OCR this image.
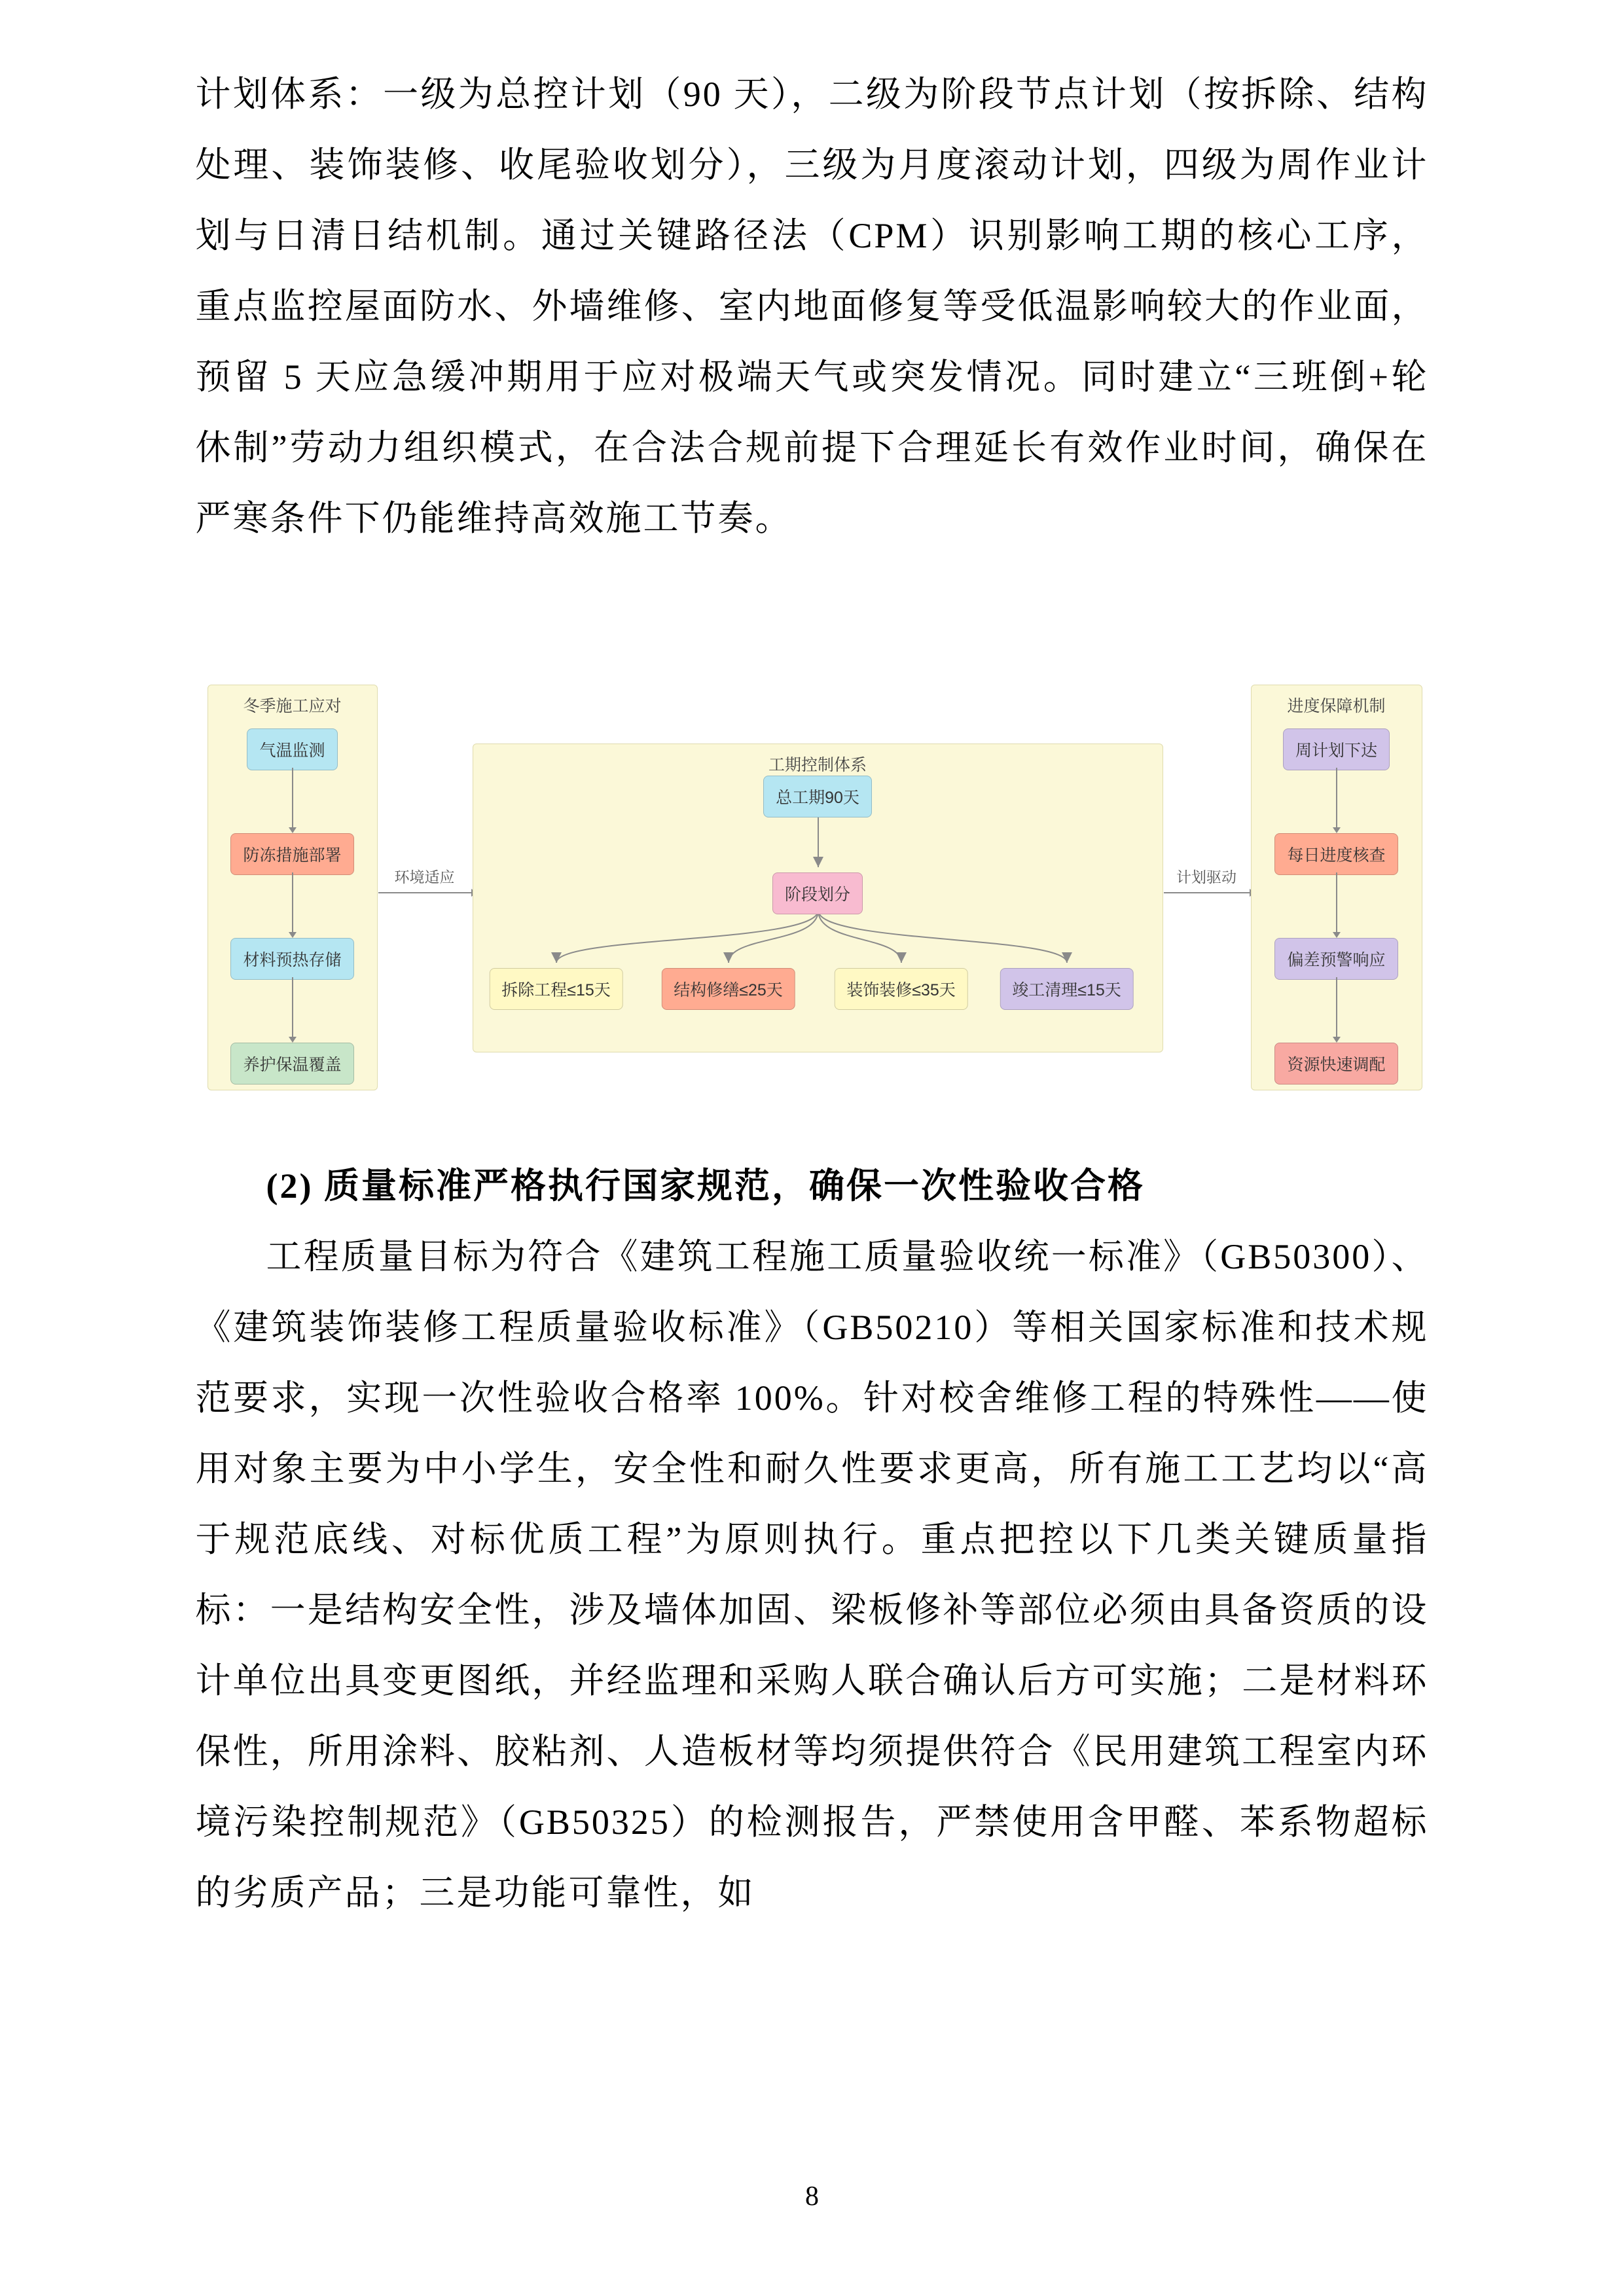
计划体系：一级为总控计划（90 天），二级为阶段节点计划（按拆除、结构处理、装饰装修、收尾验收划分），三级为月度滚动计划，四级为周作业计划与日清日结机制。通过关键路径法（CPM）识别影响工期的核心工序，重点监控屋面防水、外墙维修、室内地面修复等受低温影响较大的作业面，预留 5 天应急缓冲期用于应对极端天气或突发情况。同时建立“三班倒+轮休制”劳动力组织模式，在合法合规前提下合理延长有效作业时间，确保在严寒条件下仍能维持高效施工节奏。

冬季施工应对
气温监测
防冻措施部署
材料预热存储
养护保温覆盖
环境适应
工期控制体系
总工期90天
阶段划分
拆除工程≤15天	结构修缮≤25天	装饰装修≤35天	竣工清理≤15天
计划驱动
进度保障机制
周计划下达
每日进度核查
偏差预警响应
资源快速调配

(2) 质量标准严格执行国家规范，确保一次性验收合格

工程质量目标为符合《建筑工程施工质量验收统一标准》（GB50300）、《建筑装饰装修工程质量验收标准》（GB50210）等相关国家标准和技术规范要求，实现一次性验收合格率 100%。针对校舍维修工程的特殊性——使用对象主要为中小学生，安全性和耐久性要求更高，所有施工工艺均以“高于规范底线、对标优质工程”为原则执行。重点把控以下几类关键质量指标：一是结构安全性，涉及墙体加固、梁板修补等部位必须由具备资质的设计单位出具变更图纸，并经监理和采购人联合确认后方可实施；二是材料环保性，所用涂料、胶粘剂、人造板材等均须提供符合《民用建筑工程室内环境污染控制规范》（GB50325）的检测报告，严禁使用含甲醛、苯系物超标的劣质产品；三是功能可靠性，如

8
